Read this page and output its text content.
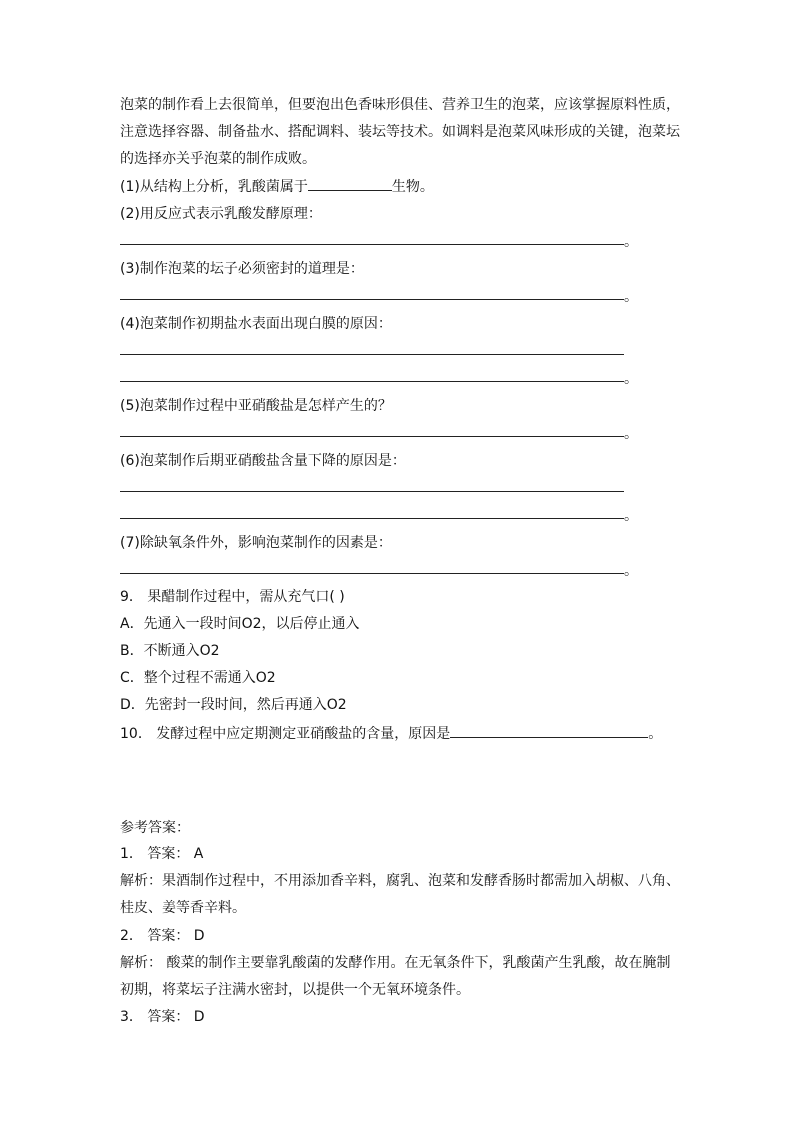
泡菜的制作看上去很简单，但要泡出色香味形俱佳、营养卫生的泡菜，应该掌握原料性质，
注意选择容器、制备盐水、搭配调料、装坛等技术。如调料是泡菜风味形成的关键，泡菜坛
的选择亦关乎泡菜的制作成败。
(1)从结构上分析，乳酸菌属于	生物。
(2)用反应式表示乳酸发酵原理：
。
(3)制作泡菜的坛子必须密封的道理是：
。
(4)泡菜制作初期盐水表面出现白膜的原因：
。
(5)泡菜制作过程中亚硝酸盐是怎样产生的？
。
(6)泡菜制作后期亚硝酸盐含量下降的原因是：
。
(7)除缺氧条件外，影响泡菜制作的因素是：
。
9． 果醋制作过程中，需从充气口( )
A．先通入一段时间O2，以后停止通入
B．不断通入O2
C．整个过程不需通入O2
D．先密封一段时间，然后再通入O2
10． 发酵过程中应定期测定亚硝酸盐的含量，原因是	。
参考答案：
1． 答案： A
解析：果酒制作过程中，不用添加香辛料，腐乳、泡菜和发酵香肠时都需加入胡椒、八角、
桂皮、姜等香辛料。
2． 答案： D
解析： 酸菜的制作主要靠乳酸菌的发酵作用。在无氧条件下，乳酸菌产生乳酸，故在腌制
初期，将菜坛子注满水密封，以提供一个无氧环境条件。
3． 答案： D
